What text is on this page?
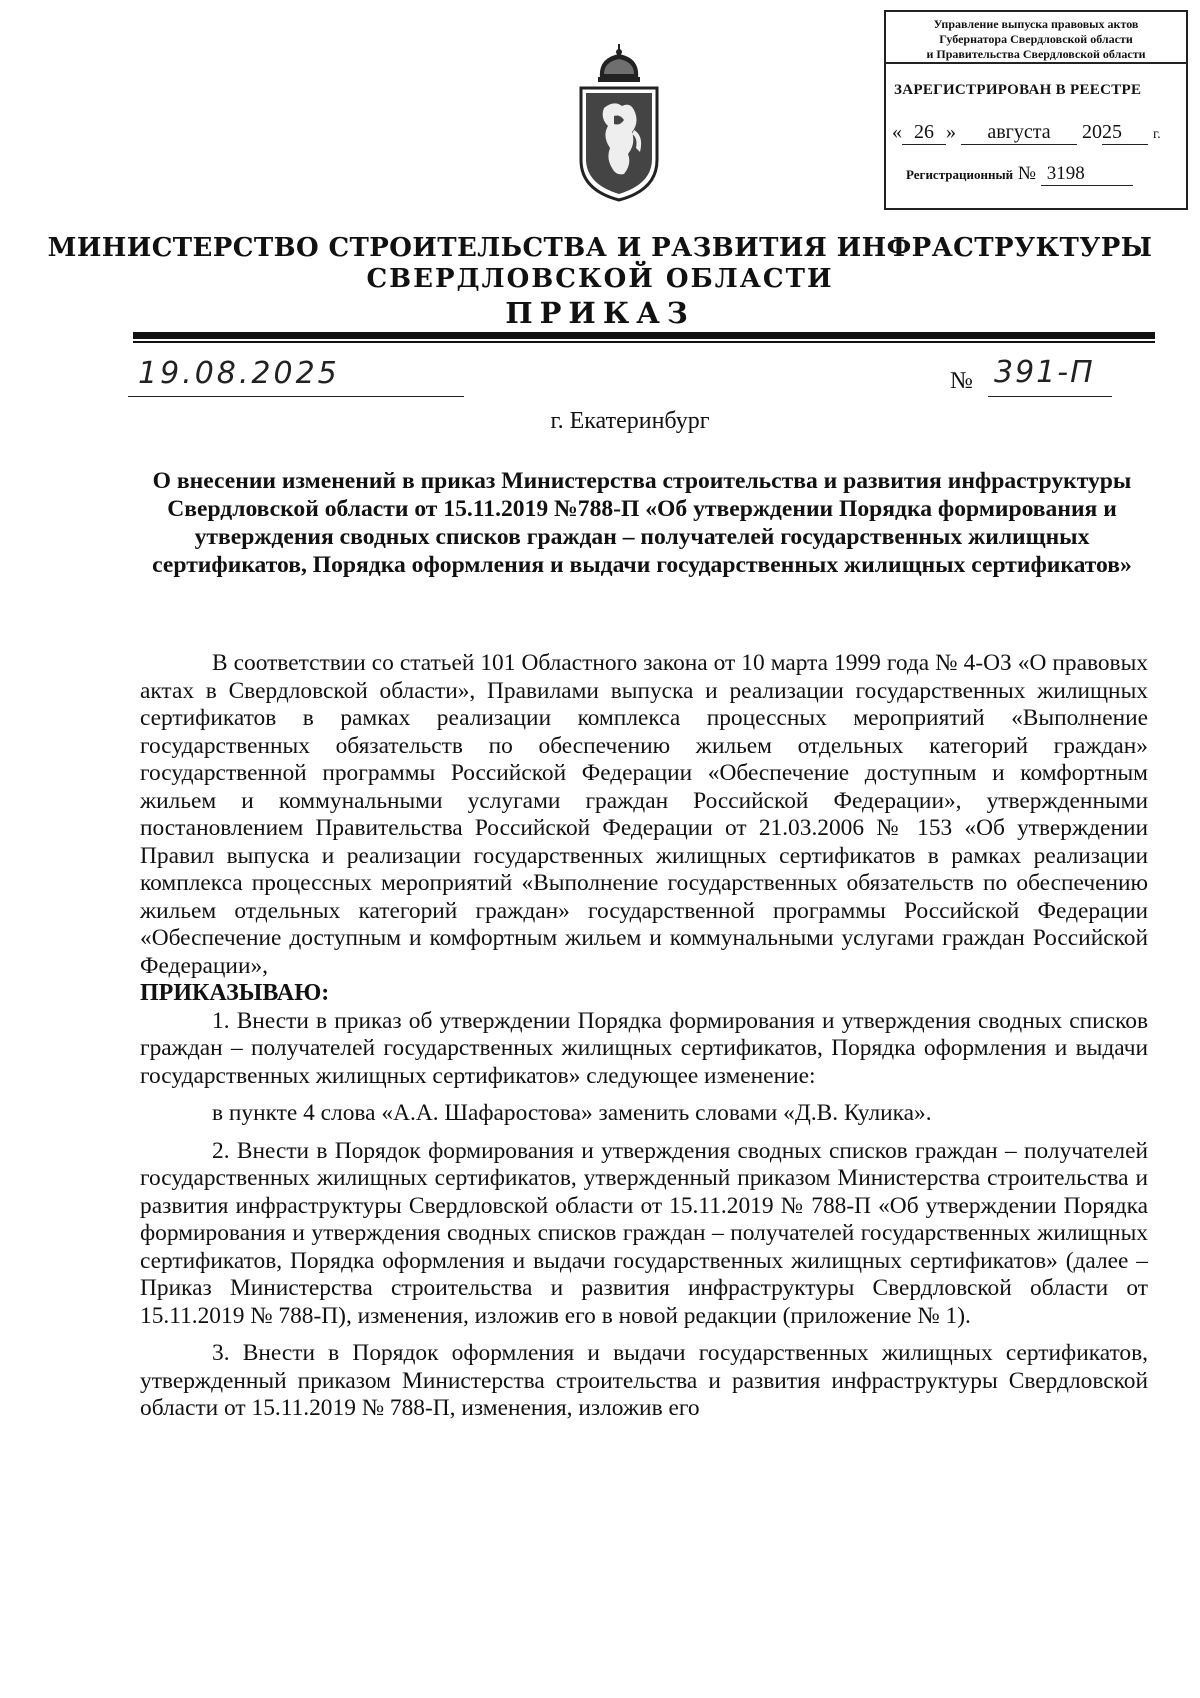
Управление выпуска правовых актов
Губернатора Свердловской области
и Правительства Свердловской области
ЗАРЕГИСТРИРОВАН В РЕЕСТРЕ
« 26 » августа 2025 г.
Регистрационный № 3198
МИНИСТЕРСТВО СТРОИТЕЛЬСТВА И РАЗВИТИЯ ИНФРАСТРУКТУРЫ
СВЕРДЛОВСКОЙ ОБЛАСТИ
ПРИКАЗ
19.08.2025	№ 391-П
г. Екатеринбург
О внесении изменений в приказ Министерства строительства и развития инфраструктуры Свердловской области от 15.11.2019 №788-П «Об утверждении Порядка формирования и утверждения сводных списков граждан – получателей государственных жилищных сертификатов, Порядка оформления и выдачи государственных жилищных сертификатов»

В соответствии со статьей 101 Областного закона от 10 марта 1999 года № 4-ОЗ «О правовых актах в Свердловской области», Правилами выпуска и реализации государственных жилищных сертификатов в рамках реализации комплекса процессных мероприятий «Выполнение государственных обязательств по обеспечению жильем отдельных категорий граждан» государственной программы Российской Федерации «Обеспечение доступным и комфортным жильем и коммунальными услугами граждан Российской Федерации», утвержденными постановлением Правительства Российской Федерации от 21.03.2006 № 153 «Об утверждении Правил выпуска и реализации государственных жилищных сертификатов в рамках реализации комплекса процессных мероприятий «Выполнение государственных обязательств по обеспечению жильем отдельных категорий граждан» государственной программы Российской Федерации «Обеспечение доступным и комфортным жильем и коммунальными услугами граждан Российской Федерации»,

ПРИКАЗЫВАЮ:

1. Внести в приказ об утверждении Порядка формирования и утверждения сводных списков граждан – получателей государственных жилищных сертификатов, Порядка оформления и выдачи государственных жилищных сертификатов» следующее изменение:

в пункте 4 слова «А.А. Шафаростова» заменить словами «Д.В. Кулика».

2. Внести в Порядок формирования и утверждения сводных списков граждан – получателей государственных жилищных сертификатов, утвержденный приказом Министерства строительства и развития инфраструктуры Свердловской области от 15.11.2019 № 788-П «Об утверждении Порядка формирования и утверждения сводных списков граждан – получателей государственных жилищных сертификатов, Порядка оформления и выдачи государственных жилищных сертификатов» (далее – Приказ Министерства строительства и развития инфраструктуры Свердловской области от 15.11.2019 № 788-П), изменения, изложив его в новой редакции (приложение № 1).

3. Внести в Порядок оформления и выдачи государственных жилищных сертификатов, утвержденный приказом Министерства строительства и развития инфраструктуры Свердловской области от 15.11.2019 № 788-П, изменения, изложив его
